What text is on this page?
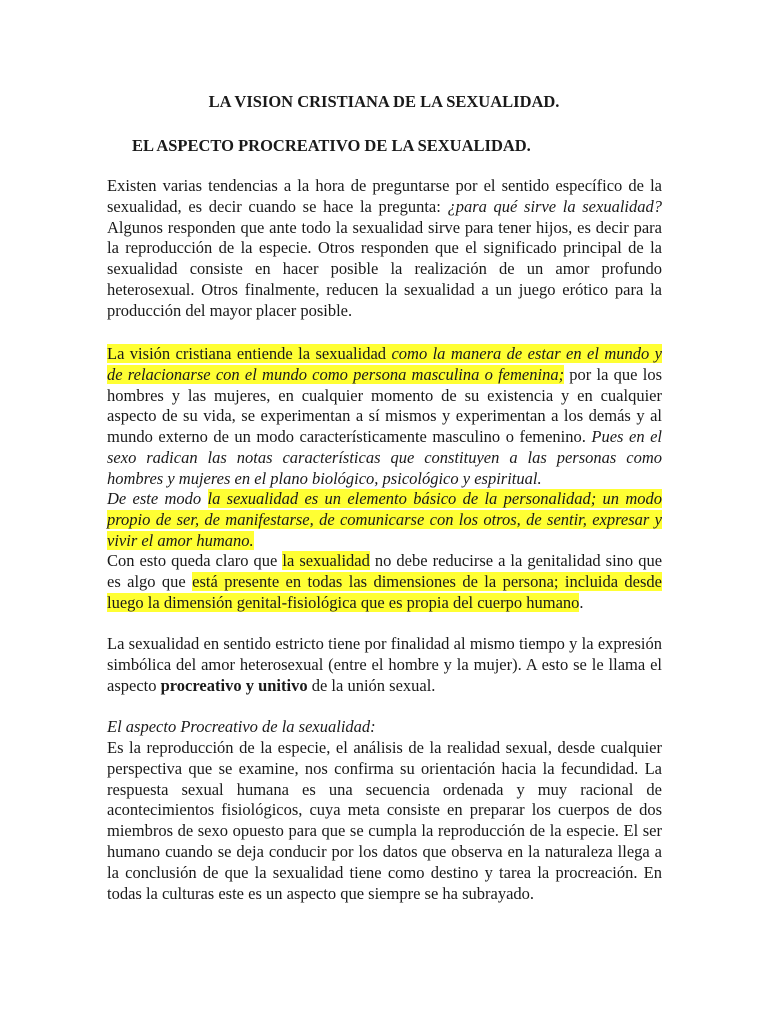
LA VISION CRISTIANA DE LA SEXUALIDAD.
EL ASPECTO PROCREATIVO DE LA SEXUALIDAD.

Existen varias tendencias a la hora de preguntarse por el sentido específico de la sexualidad, es decir cuando se hace la pregunta: ¿para qué sirve la sexualidad? Algunos responden que ante todo la sexualidad sirve para tener hijos, es decir para la reproducción de la especie. Otros responden que el significado principal de la sexualidad consiste en hacer posible la realización de un amor profundo heterosexual. Otros finalmente, reducen la sexualidad a un juego erótico para la producción del mayor placer posible.

La visión cristiana entiende la sexualidad como la manera de estar en el mundo y de relacionarse con el mundo como persona masculina o femenina; por la que los hombres y las mujeres, en cualquier momento de su existencia y en cualquier aspecto de su vida, se experimentan a sí mismos y experimentan a los demás y al mundo externo de un modo característicamente masculino o femenino. Pues en el sexo radican las notas características que constituyen a las personas como hombres y mujeres en el plano biológico, psicológico y espiritual.

De este modo la sexualidad es un elemento básico de la personalidad; un modo propio de ser, de manifestarse, de comunicarse con los otros, de sentir, expresar y vivir el amor humano.

Con esto queda claro que la sexualidad no debe reducirse a la genitalidad sino que es algo que está presente en todas las dimensiones de la persona; incluida desde luego la dimensión genital-fisiológica que es propia del cuerpo humano.

La sexualidad en sentido estricto tiene por finalidad al mismo tiempo y la expresión simbólica del amor heterosexual (entre el hombre y la mujer). A esto se le llama el aspecto procreativo y unitivo de la unión sexual.

El aspecto Procreativo de la sexualidad:

Es la reproducción de la especie, el análisis de la realidad sexual, desde cualquier perspectiva que se examine, nos confirma su orientación hacia la fecundidad. La respuesta sexual humana es una secuencia ordenada y muy racional de acontecimientos fisiológicos, cuya meta consiste en preparar los cuerpos de dos miembros de sexo opuesto para que se cumpla la reproducción de la especie. El ser humano cuando se deja conducir por los datos que observa en la naturaleza llega a la conclusión de que la sexualidad tiene como destino y tarea la procreación. En todas la culturas este es un aspecto que siempre se ha subrayado.
